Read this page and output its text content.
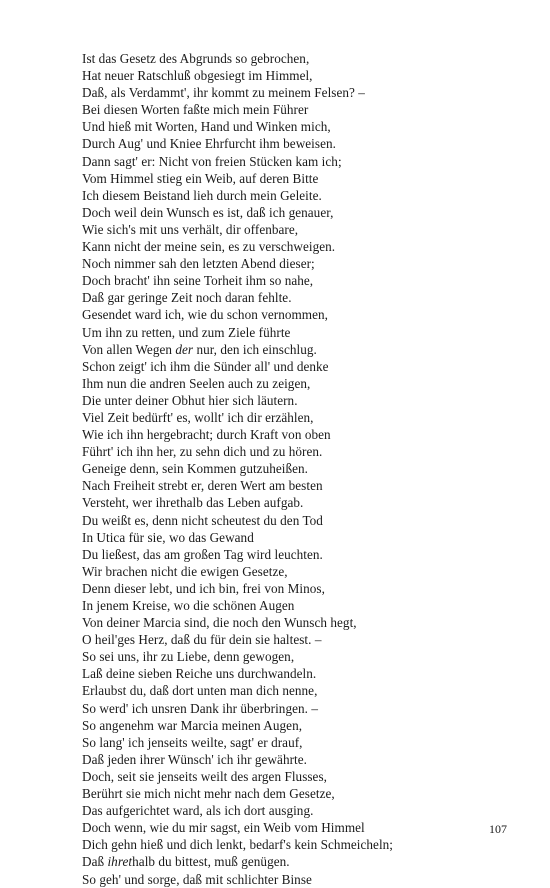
Ist das Gesetz des Abgrunds so gebrochen,
Hat neuer Ratschluß obgesiegt im Himmel,
Daß, als Verdammt', ihr kommt zu meinem Felsen? –
Bei diesen Worten faßte mich mein Führer
Und hieß mit Worten, Hand und Winken mich,
Durch Aug' und Kniee Ehrfurcht ihm beweisen.
Dann sagt' er: Nicht von freien Stücken kam ich;
Vom Himmel stieg ein Weib, auf deren Bitte
Ich diesem Beistand lieh durch mein Geleite.
Doch weil dein Wunsch es ist, daß ich genauer,
Wie sich's mit uns verhält, dir offenbare,
Kann nicht der meine sein, es zu verschweigen.
Noch nimmer sah den letzten Abend dieser;
Doch bracht' ihn seine Torheit ihm so nahe,
Daß gar geringe Zeit noch daran fehlte.
Gesendet ward ich, wie du schon vernommen,
Um ihn zu retten, und zum Ziele führte
Von allen Wegen der nur, den ich einschlug.
Schon zeigt' ich ihm die Sünder all' und denke
Ihm nun die andren Seelen auch zu zeigen,
Die unter deiner Obhut hier sich läutern.
Viel Zeit bedürft' es, wollt' ich dir erzählen,
Wie ich ihn hergebracht; durch Kraft von oben
Führt' ich ihn her, zu sehn dich und zu hören.
Geneige denn, sein Kommen gutzuheißen.
Nach Freiheit strebt er, deren Wert am besten
Versteht, wer ihrethalb das Leben aufgab.
Du weißt es, denn nicht scheutest du den Tod
In Utica für sie, wo das Gewand
Du ließest, das am großen Tag wird leuchten.
Wir brachen nicht die ewigen Gesetze,
Denn dieser lebt, und ich bin, frei von Minos,
In jenem Kreise, wo die schönen Augen
Von deiner Marcia sind, die noch den Wunsch hegt,
O heil'ges Herz, daß du für dein sie haltest. –
So sei uns, ihr zu Liebe, denn gewogen,
Laß deine sieben Reiche uns durchwandeln.
Erlaubst du, daß dort unten man dich nenne,
So werd' ich unsren Dank ihr überbringen. –
So angenehm war Marcia meinen Augen,
So lang' ich jenseits weilte, sagt' er drauf,
Daß jeden ihrer Wünsch' ich ihr gewährte.
Doch, seit sie jenseits weilt des argen Flusses,
Berührt sie mich nicht mehr nach dem Gesetze,
Das aufgerichtet ward, als ich dort ausging.
Doch wenn, wie du mir sagst, ein Weib vom Himmel
Dich gehn hieß und dich lenkt, bedarf's kein Schmeicheln;
Daß ihrethalb du bittest, muß genügen.
So geh' und sorge, daß mit schlichter Binse
107
